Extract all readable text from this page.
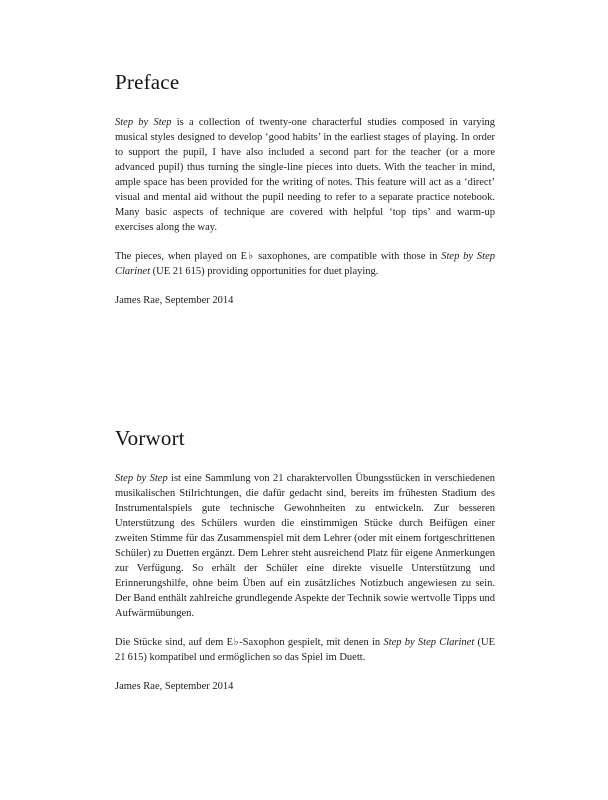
Preface

Step by Step is a collection of twenty-one characterful studies composed in varying musical styles designed to develop ‘good habits’ in the earliest stages of playing. In order to support the pupil, I have also included a second part for the teacher (or a more advanced pupil) thus turning the single-line pieces into duets. With the teacher in mind, ample space has been provided for the writing of notes. This feature will act as a ‘direct’ visual and mental aid without the pupil needing to refer to a separate practice notebook. Many basic aspects of technique are covered with helpful ‘top tips’ and warm-up exercises along the way.

The pieces, when played on E♭ saxophones, are compatible with those in Step by Step Clarinet (UE 21 615) providing opportunities for duet playing.

James Rae, September 2014

Vorwort

Step by Step ist eine Sammlung von 21 charaktervollen Übungsstücken in verschiedenen musikalischen Stilrichtungen, die dafür gedacht sind, bereits im frühesten Stadium des Instrumentalspiels gute technische Gewohnheiten zu entwickeln. Zur besseren Unterstützung des Schülers wurden die einstimmigen Stücke durch Beifügen einer zweiten Stimme für das Zusammenspiel mit dem Lehrer (oder mit einem fortgeschrittenen Schüler) zu Duetten ergänzt. Dem Lehrer steht ausreichend Platz für eigene Anmerkungen zur Verfügung. So erhält der Schüler eine direkte visuelle Unterstützung und Erinnerungshilfe, ohne beim Üben auf ein zusätzliches Notizbuch angewiesen zu sein. Der Band enthält zahlreiche grundlegende Aspekte der Technik sowie wertvolle Tipps und Aufwärmübungen.

Die Stücke sind, auf dem E♭-Saxophon gespielt, mit denen in Step by Step Clarinet (UE 21 615) kompatibel und ermöglichen so das Spiel im Duett.

James Rae, September 2014
